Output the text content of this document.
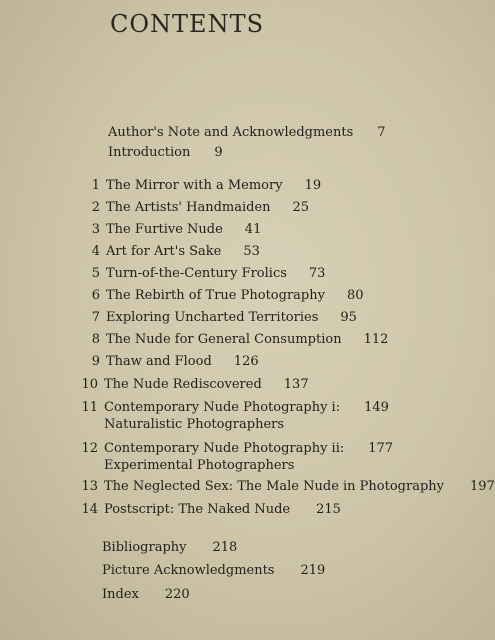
CONTENTS
Author's Note and Acknowledgments 7
Introduction 9
1 The Mirror with a Memory 19
2 The Artists' Handmaiden 25
3 The Furtive Nude 41
4 Art for Art's Sake 53
5 Turn-of-the-Century Frolics 73
6 The Rebirth of True Photography 80
7 Exploring Uncharted Territories 95
8 The Nude for General Consumption 112
9 Thaw and Flood 126
10 The Nude Rediscovered 137
11 Contemporary Nude Photography i: 149
Naturalistic Photographers
12 Contemporary Nude Photography ii: 177
Experimental Photographers
13 The Neglected Sex: The Male Nude in Photography 197
14 Postscript: The Naked Nude 215
Bibliography 218
Picture Acknowledgments 219
Index 220
